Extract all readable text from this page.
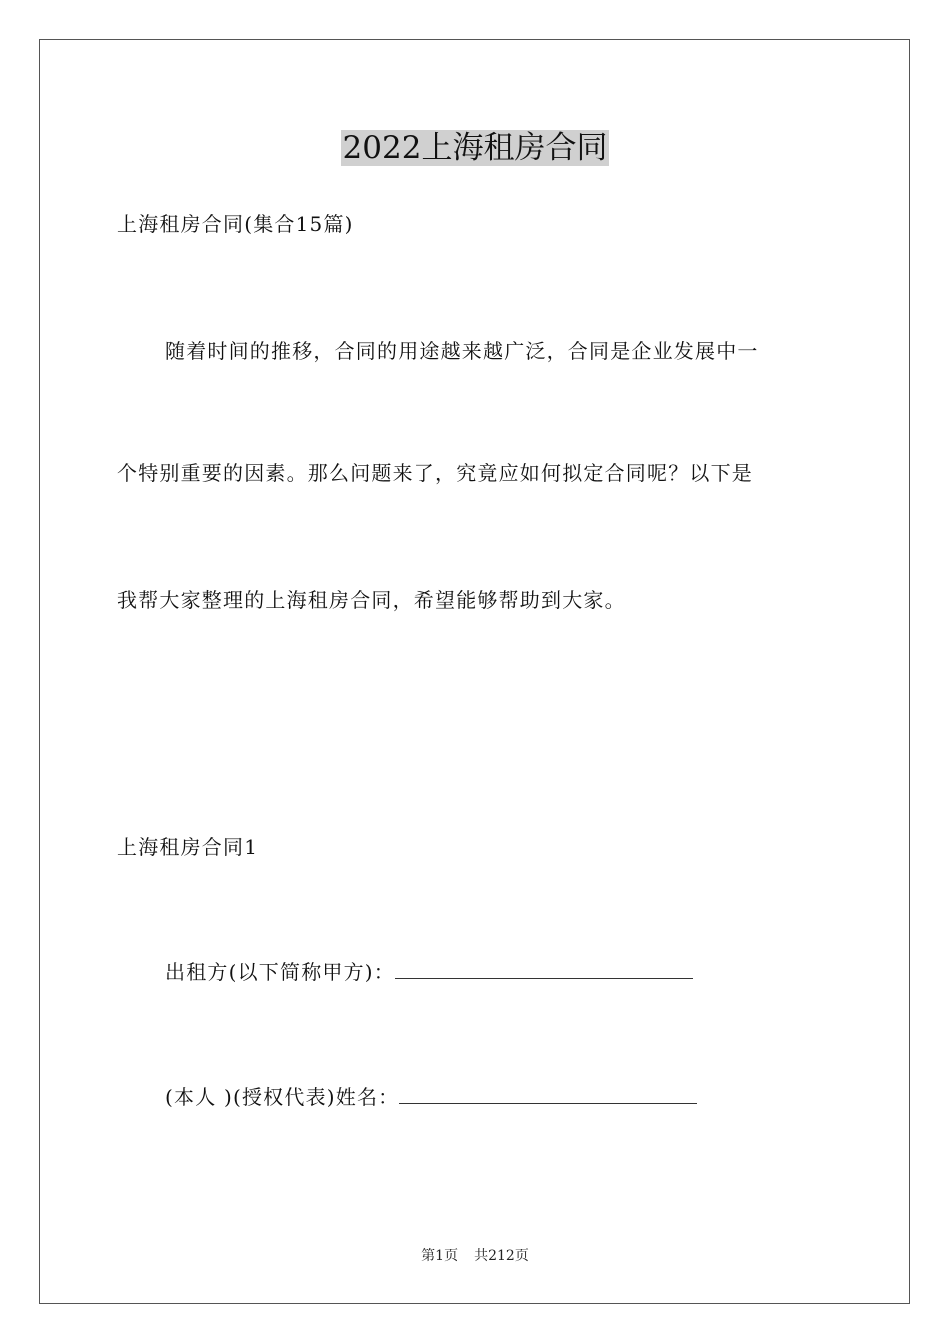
2022上海租房合同
上海租房合同(集合15篇)
随着时间的推移，合同的用途越来越广泛，合同是企业发展中一
个特别重要的因素。那么问题来了，究竟应如何拟定合同呢？以下是
我帮大家整理的上海租房合同，希望能够帮助到大家。
上海租房合同1
出租方(以下简称甲方)：
(本人 )(授权代表)姓名：
第1页 共212页
